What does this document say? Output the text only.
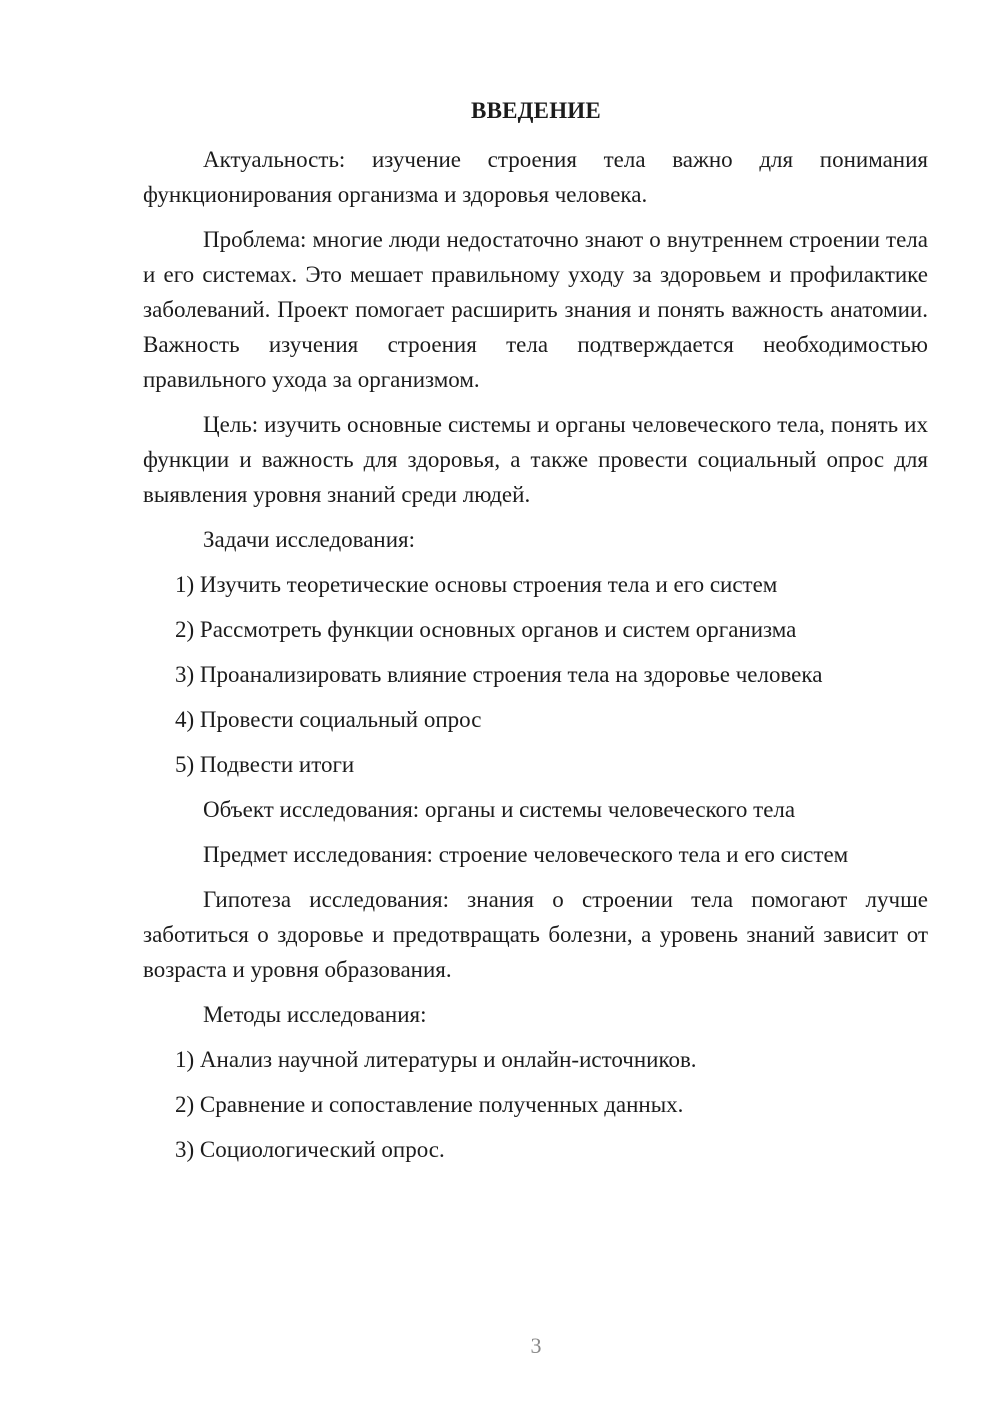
ВВЕДЕНИЕ

Актуальность: изучение строения тела важно для понимания функционирования организма и здоровья человека.

Проблема: многие люди недостаточно знают о внутреннем строении тела и его системах. Это мешает правильному уходу за здоровьем и профилактике заболеваний. Проект помогает расширить знания и понять важность анатомии. Важность изучения строения тела подтверждается необходимостью правильного ухода за организмом.

Цель: изучить основные системы и органы человеческого тела, понять их функции и важность для здоровья, а также провести социальный опрос для выявления уровня знаний среди людей.

Задачи исследования:

1) Изучить теоретические основы строения тела и его систем

2) Рассмотреть функции основных органов и систем организма

3) Проанализировать влияние строения тела на здоровье человека

4) Провести социальный опрос

5) Подвести итоги

Объект исследования: органы и системы человеческого тела

Предмет исследования: строение человеческого тела и его систем

Гипотеза исследования: знания о строении тела помогают лучше заботиться о здоровье и предотвращать болезни, а уровень знаний зависит от возраста и уровня образования.

Методы исследования:

1) Анализ научной литературы и онлайн-источников.

2) Сравнение и сопоставление полученных данных.

3) Социологический опрос.

3
